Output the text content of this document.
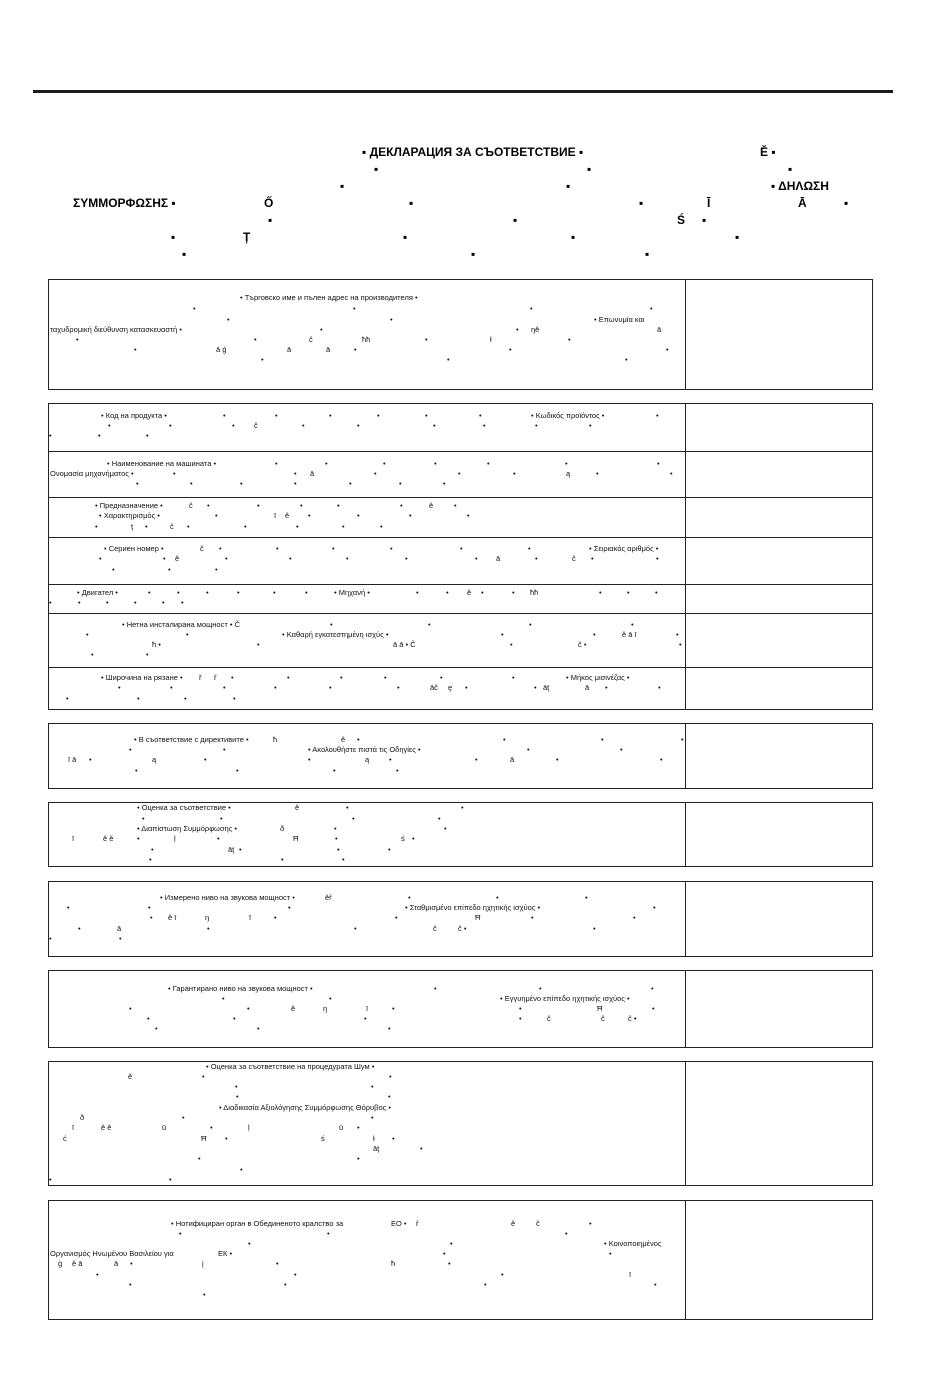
▪ ДЕКЛАРАЦИЯ ЗА СЪОТВЕТСТВИЕ ▪	Ě ▪
▪	▪	▪
▪	▪	▪ ΔΗΛΩΣΗ
ΣΥΜΜΟΡΦΩΣΗΣ ▪	Ő	▪	▪	Ī	Ā	▪
▪	▪	Ś ▪
▪	Ț	▪	▪	▪
▪	▪	▪
• Търговско име и пълен адрес на производителя •
•	•	•	•
•	•	• Επωνυμία και
ταχυδρομική διεύθυνση κατασκευαστή •	•	• ŋě	ā
•	•	č	ħħ	•	ł	•
•	ā ģ	ā	ā	•	•	•
•	•	•
• Код на продукта •	•	•	•	•	•	•	• Κωδικός προϊόντος •	•
•	•	•	č	•	•	•	•	•	•
•	•	•
• Наименование на машината •	•	•	•	•	•	•	•
Ονομασία μηχανήματος •	•	• ā	•	•	•	ą	•	•
•	•	•	•	•	•	•
• Предназначение •	č •	•	•	•	•	ě	•
• Χαρακτηρισμός •	•	ī ě	•	•	•	•
•	ţ •	č •	•	•	•	•
• Сериен номер •	č •	•	•	•	•	•	• Σειριακός αριθμός •
•	• ě	•	•	•	•	• ā	•	č •	•
•	•	•
• Двигател •	•	•	•	•	•	•	• Μηχανή •	•	• ě •	• ħħ	•	•	•
•	•	•	•	• •
• Нетна инсталирана мощност • Č	•	•	•	•
•	•	• Καθαρή εγκατεστημένη ισχύς •	•	•	ě ā ī	•
ħ •	•	ā ā • Č	•	č •	•
•	•
• Широчина на рязане • ř ř •	•	•	•	•	•	• Μήκος μισινέζας •
•	•	•	•	•	•	āč ę •	• āţ	ā •	•
•	•	•	•
• В съответствие с директивите •	ħ	ě •	•	•	•
•	•	• Ακολουθήστε πιστά τις Οδηγίες •	•	•
ī ā •	ą	•	•	ą	•	•	ā	•	•
•	•	•	•
• Оценка за съответствие •	ě	•	•
•	•	•	•
• Διαπίστωση Συμμόρφωσης •	ð	•	•
ī	ě ě	•	ļ	•	Ħ	•	ś •
•	āţ •	•	•
•	•	•
• Измерено ниво на звукова мощност •	ěř	•	•	•
•	•	•	• Σταθμισμένο επίπεδο ηχητικής ισχύος •	•
• ě ī	ŋ	ī	•	•	Ħ	•	•
•	ā	•	•	č	č •	•
•	•
• Гарантирано ниво на звукова мощност •	•	•	•
•	•	• Εγγυημένο επίπεδο ηχητικής ισχύος •
•	•	ě	ŋ	ī	•	•	Ħ	•
•	•	•	•	č	č	č •
•	•	•
• Оценка за съответствие на процедурата Шум •
ě	•	•
•	•
•	•
• Διαδικασία Αξιολόγησης Συμμόρφωσης Θόρυβος •
ð	•	•
ī	ě ě	ū	•	ļ	ū •
ć	Ħ •	ś	ł •
āţ	•
•	•
•
•	•
• Нотифициран орган в Обединеното кралство за	ЕО • ř	ě	č	•
•	•	•
•	•	• Κοινοποιημένος
Οργανισμός Ηνωμένου Βασιλείου για	ЕК •	•	•
ģ ě ā	ā •	į	•	ħ	•
•	•	•	ī
•	•	•	•
•
